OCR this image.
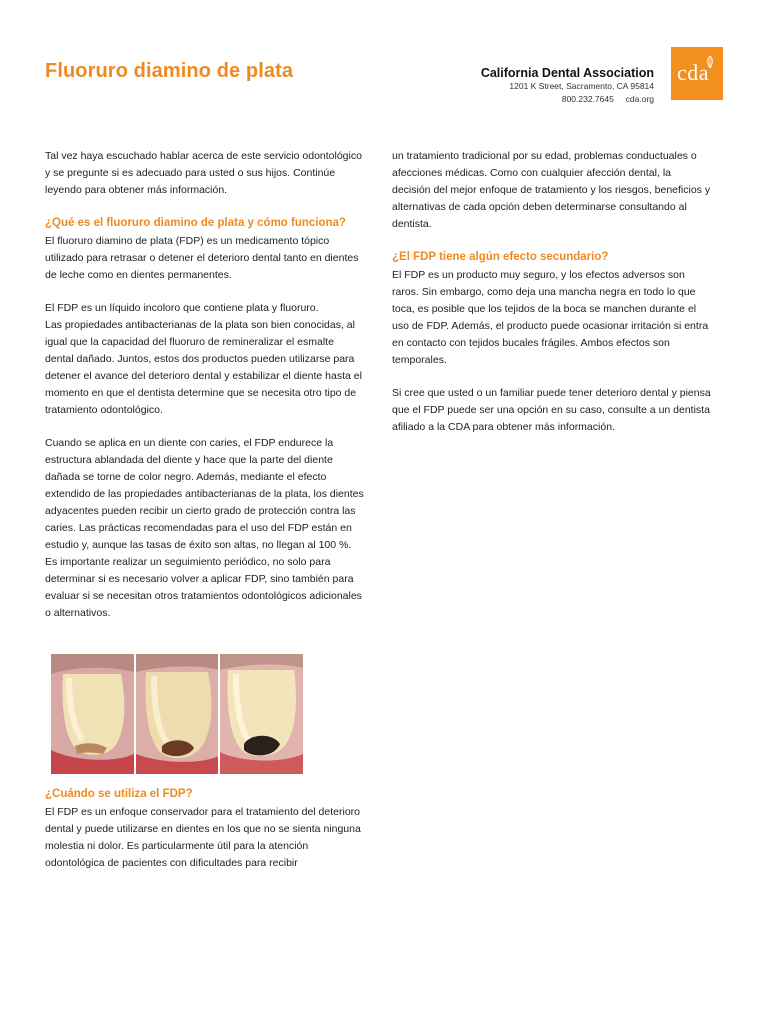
Fluoruro diamino de plata	California Dental Association
1201 K Street, Sacramento, CA 95814
800.232.7645     cda.org
cda

Tal vez haya escuchado hablar acerca de este servicio odontológico y se pregunte si es adecuado para usted o sus hijos. Continúe leyendo para obtener más información.

¿Qué es el fluoruro diamino de plata y cómo funciona?

El fluoruro diamino de plata (FDP) es un medicamento tópico utilizado para retrasar o detener el deterioro dental tanto en dientes de leche como en dientes permanentes.

El FDP es un líquido incoloro que contiene plata y fluoruro.

Las propiedades antibacterianas de la plata son bien conocidas, al igual que la capacidad del fluoruro de remineralizar el esmalte dental dañado. Juntos, estos dos productos pueden utilizarse para detener el avance del deterioro dental y estabilizar el diente hasta el momento en que el dentista determine que se necesita otro tipo de tratamiento odontológico.

Cuando se aplica en un diente con caries, el FDP endurece la estructura ablandada del diente y hace que la parte del diente dañada se torne de color negro. Además, mediante el efecto extendido de las propiedades antibacterianas de la plata, los dientes adyacentes pueden recibir un cierto grado de protección contra las caries. Las prácticas recomendadas para el uso del FDP están en estudio y, aunque las tasas de éxito son altas, no llegan al 100 %. Es importante realizar un seguimiento periódico, no solo para determinar si es necesario volver a aplicar FDP, sino también para evaluar si se necesitan otros tratamientos odontológicos adicionales o alternativos.

¿Cuándo se utiliza el FDP?

El FDP es un enfoque conservador para el tratamiento del deterioro dental y puede utilizarse en dientes en los que no se sienta ninguna molestia ni dolor. Es particularmente útil para la atención odontológica de pacientes con dificultades para recibir

un tratamiento tradicional por su edad, problemas conductuales o afecciones médicas. Como con cualquier afección dental, la decisión del mejor enfoque de tratamiento y los riesgos, beneficios y alternativas de cada opción deben determinarse consultando al dentista.

¿El FDP tiene algún efecto secundario?

El FDP es un producto muy seguro, y los efectos adversos son raros. Sin embargo, como deja una mancha negra en todo lo que toca, es posible que los tejidos de la boca se manchen durante el uso de FDP. Además, el producto puede ocasionar irritación si entra en contacto con tejidos bucales frágiles. Ambos efectos son temporales.

Si cree que usted o un familiar puede tener deterioro dental y piensa que el FDP puede ser una opción en su caso, consulte a un dentista afiliado a la CDA para obtener más información.
